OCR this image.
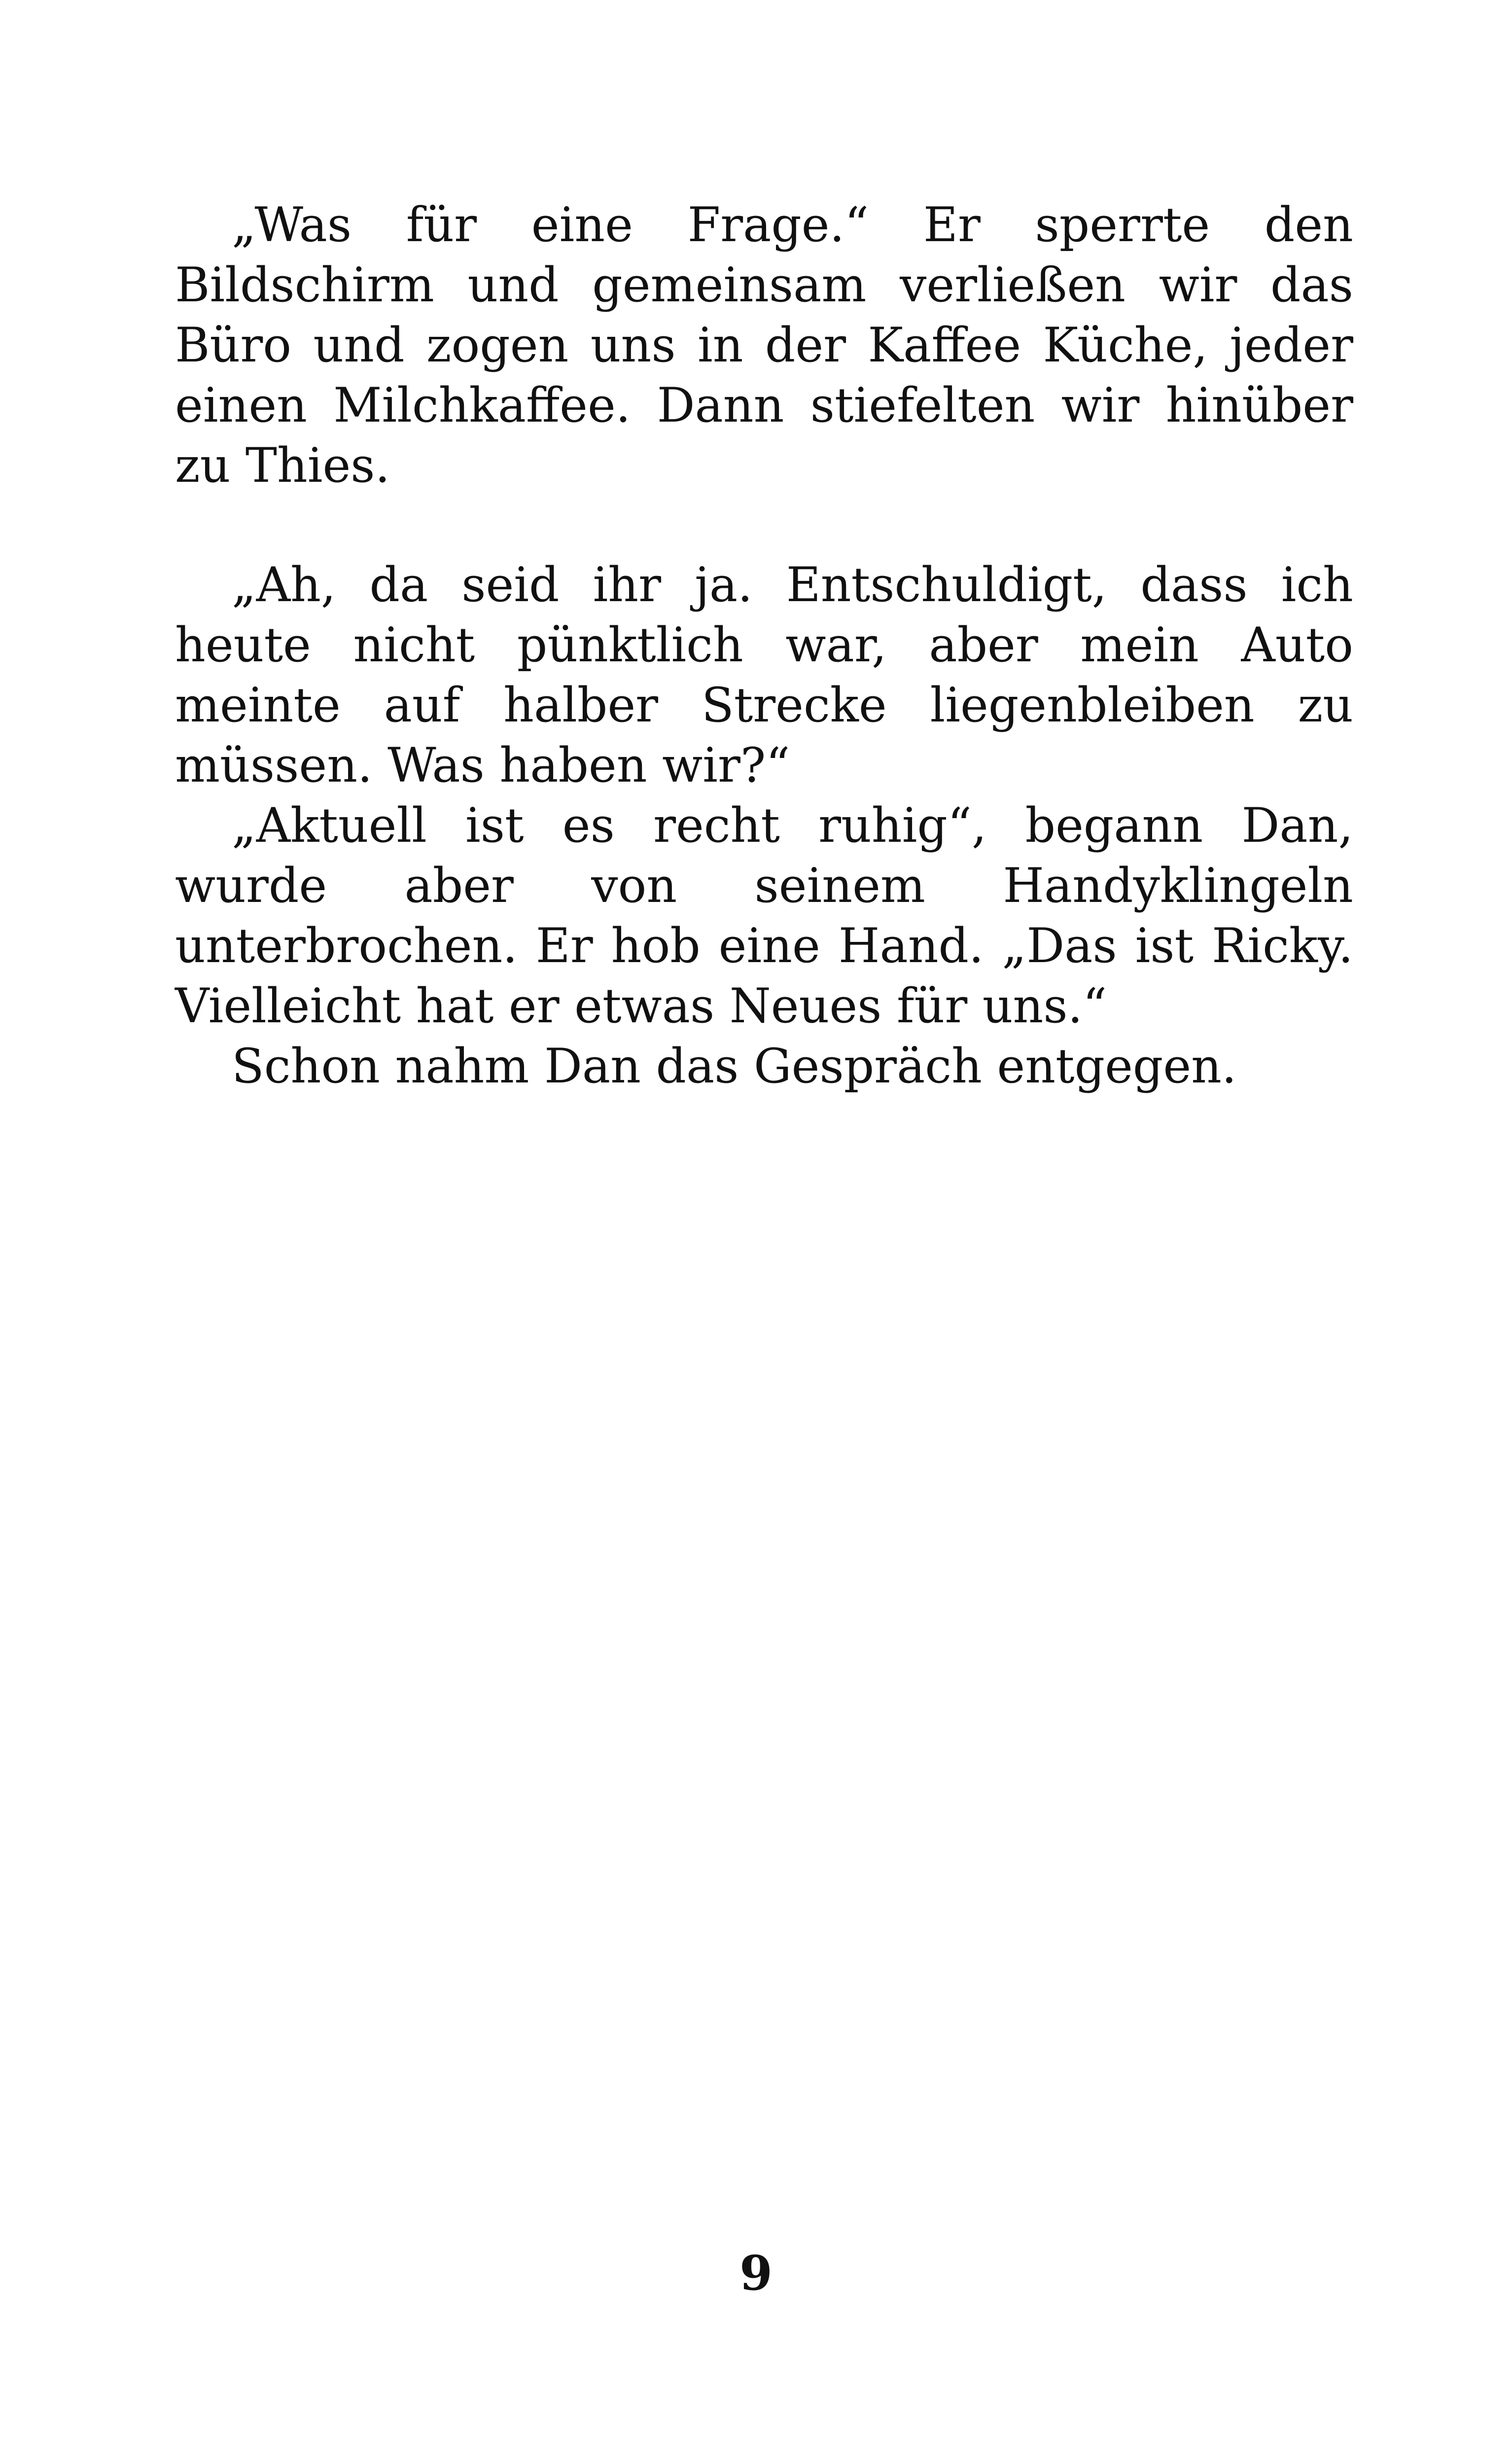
„Was für eine Frage.“ Er sperrte den Bildschirm und gemeinsam verließen wir das Büro und zogen uns in der Kaffee Küche, jeder einen Milchkaffee. Dann stiefelten wir hinüber zu Thies.

„Ah, da seid ihr ja. Entschuldigt, dass ich heute nicht pünktlich war, aber mein Auto meinte auf halber Strecke liegenbleiben zu müssen. Was haben wir?“

„Aktuell ist es recht ruhig“, begann Dan, wurde aber von seinem Handyklingeln unterbrochen. Er hob eine Hand. „Das ist Ricky. Vielleicht hat er etwas Neues für uns.“

Schon nahm Dan das Gespräch entgegen.

9
